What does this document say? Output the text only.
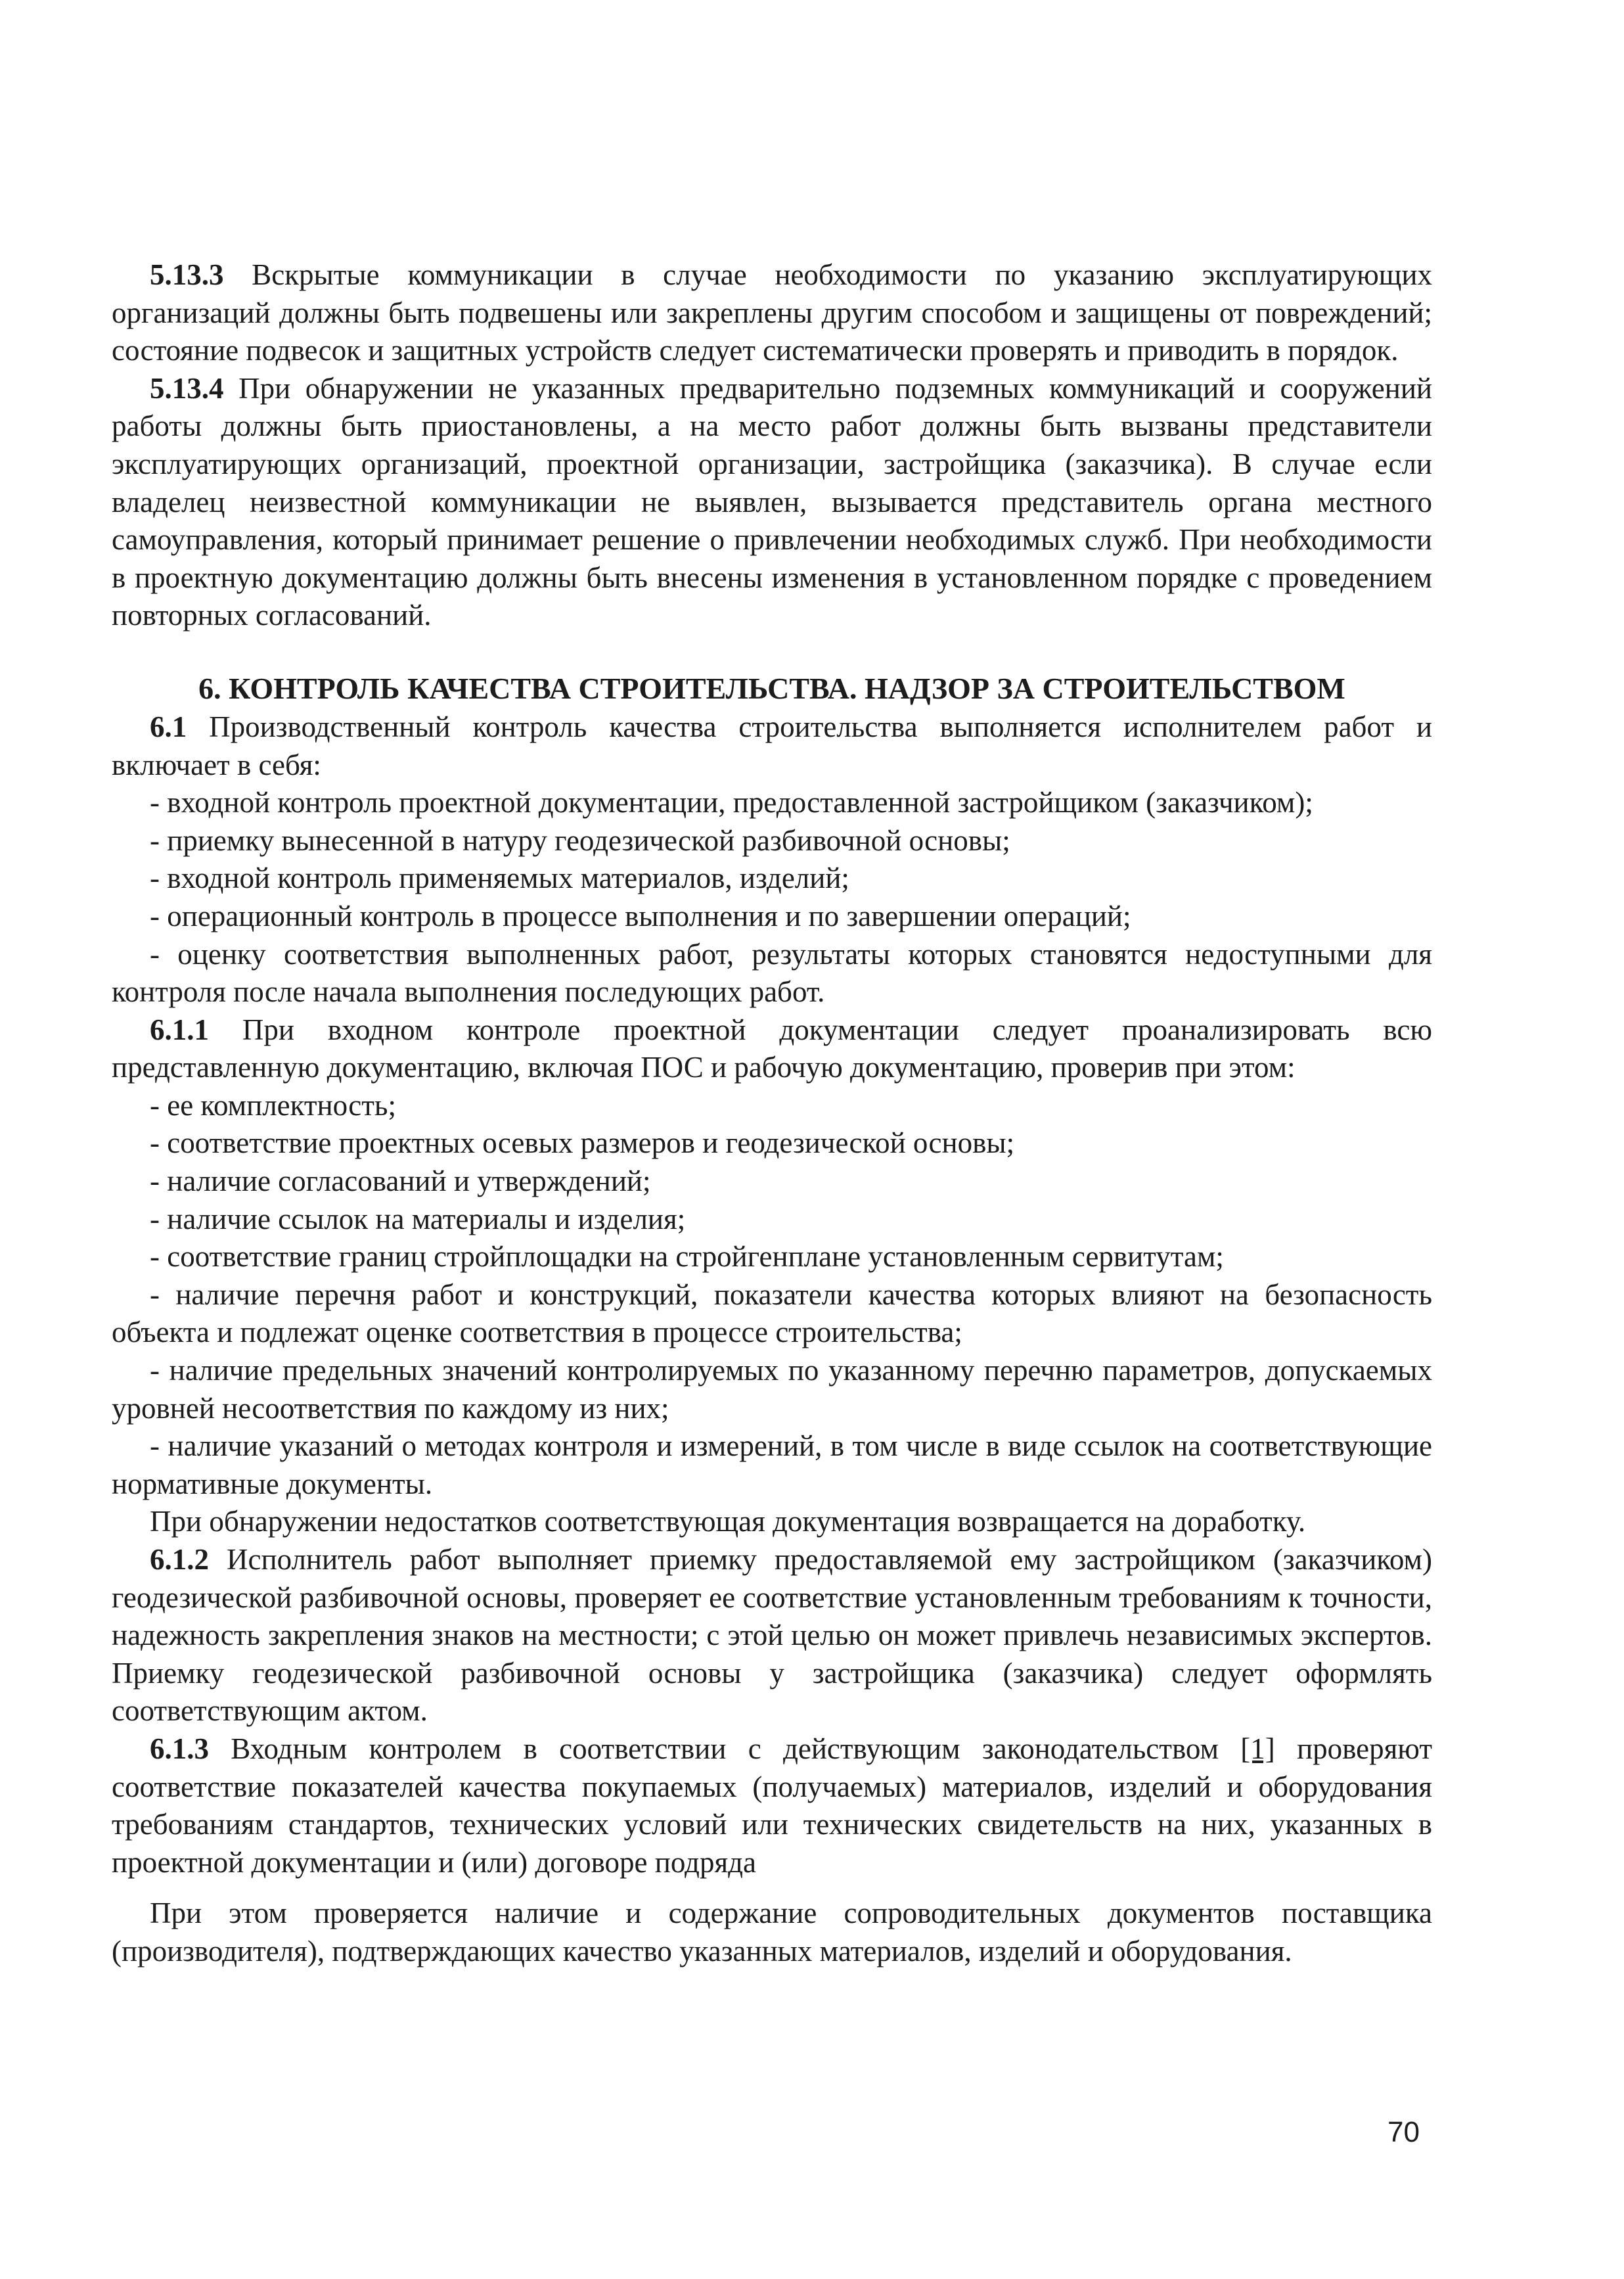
5.13.3 Вскрытые коммуникации в случае необходимости по указанию эксплуатирующих организаций должны быть подвешены или закреплены другим способом и защищены от повреждений; состояние подвесок и защитных устройств следует систематически проверять и приводить в порядок.

5.13.4 При обнаружении не указанных предварительно подземных коммуникаций и сооружений работы должны быть приостановлены, а на место работ должны быть вызваны представители эксплуатирующих организаций, проектной организации, застройщика (заказчика). В случае если владелец неизвестной коммуникации не выявлен, вызывается представитель органа местного самоуправления, который принимает решение о привлечении необходимых служб. При необходимости в проектную документацию должны быть внесены изменения в установленном порядке с проведением повторных согласований.

6. КОНТРОЛЬ КАЧЕСТВА СТРОИТЕЛЬСТВА. НАДЗОР ЗА СТРОИТЕЛЬСТВОМ

6.1 Производственный контроль качества строительства выполняется исполнителем работ и включает в себя:

- входной контроль проектной документации, предоставленной застройщиком (заказчиком);

- приемку вынесенной в натуру геодезической разбивочной основы;

- входной контроль применяемых материалов, изделий;

- операционный контроль в процессе выполнения и по завершении операций;

- оценку соответствия выполненных работ, результаты которых становятся недоступными для контроля после начала выполнения последующих работ.

6.1.1 При входном контроле проектной документации следует проанализировать всю представленную документацию, включая ПОС и рабочую документацию, проверив при этом:

- ее комплектность;

- соответствие проектных осевых размеров и геодезической основы;

- наличие согласований и утверждений;

- наличие ссылок на материалы и изделия;

- соответствие границ стройплощадки на стройгенплане установленным сервитутам;

- наличие перечня работ и конструкций, показатели качества которых влияют на безопасность объекта и подлежат оценке соответствия в процессе строительства;

- наличие предельных значений контролируемых по указанному перечню параметров, допускаемых уровней несоответствия по каждому из них;

- наличие указаний о методах контроля и измерений, в том числе в виде ссылок на соответствующие нормативные документы.

При обнаружении недостатков соответствующая документация возвращается на доработку.

6.1.2 Исполнитель работ выполняет приемку предоставляемой ему застройщиком (заказчиком) геодезической разбивочной основы, проверяет ее соответствие установленным требованиям к точности, надежность закрепления знаков на местности; с этой целью он может привлечь независимых экспертов. Приемку геодезической разбивочной основы у застройщика (заказчика) следует оформлять соответствующим актом.

6.1.3 Входным контролем в соответствии с действующим законодательством [1] проверяют соответствие показателей качества покупаемых (получаемых) материалов, изделий и оборудования требованиям стандартов, технических условий или технических свидетельств на них, указанных в проектной документации и (или) договоре подряда

При этом проверяется наличие и содержание сопроводительных документов поставщика (производителя), подтверждающих качество указанных материалов, изделий и оборудования.

70
